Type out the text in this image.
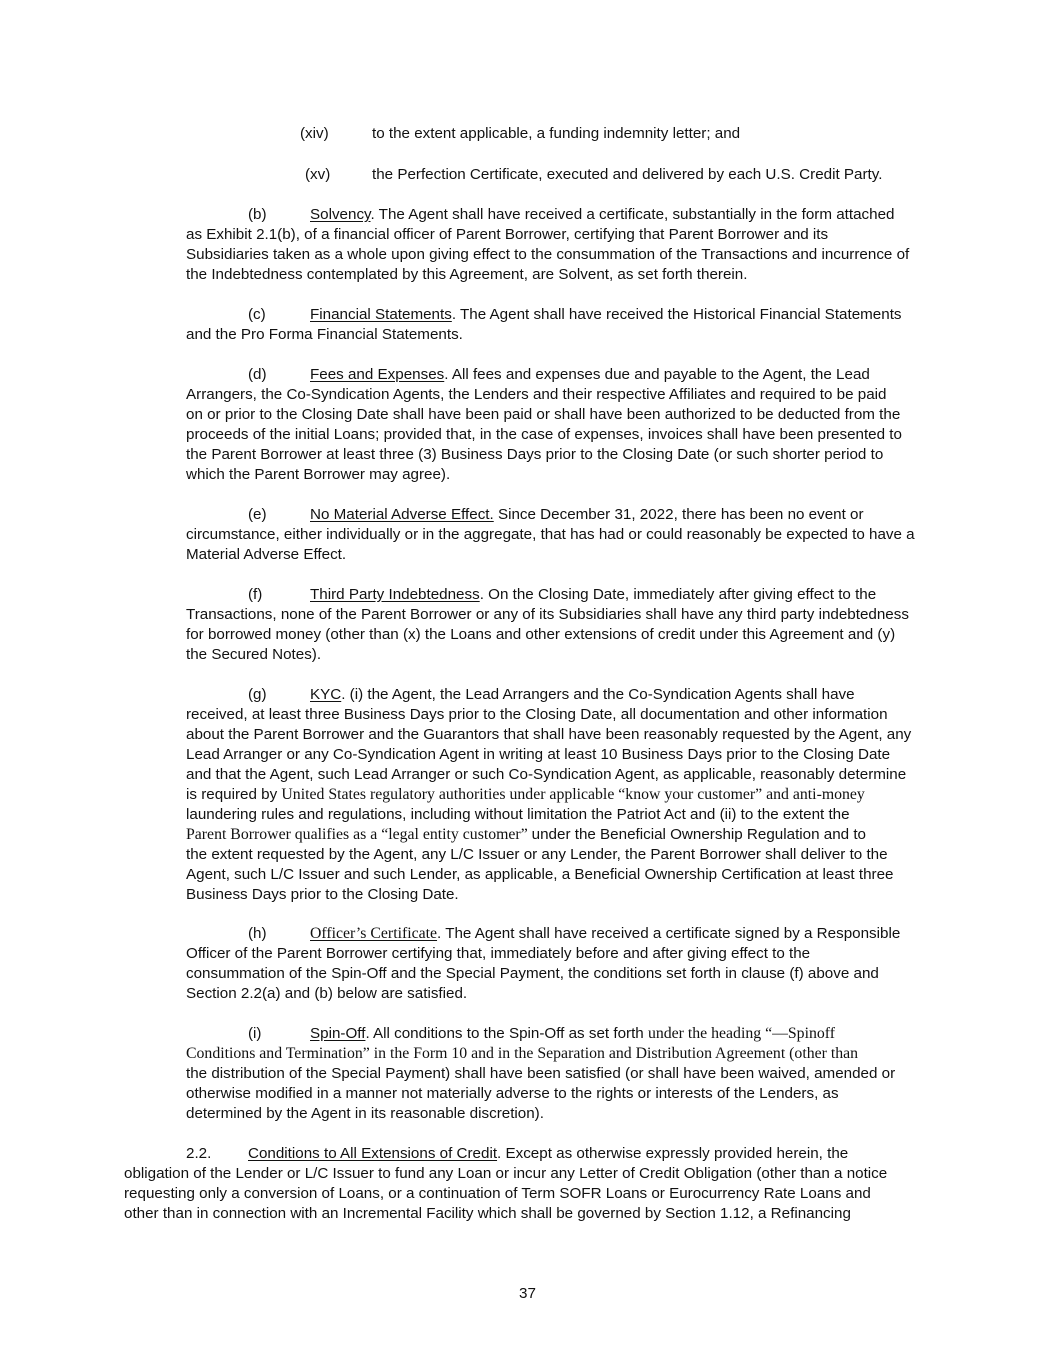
(xiv)	to the extent applicable, a funding indemnity letter; and
(xv)	the Perfection Certificate, executed and delivered by each U.S. Credit Party.
(b)	Solvency. The Agent shall have received a certificate, substantially in the form attached
as Exhibit 2.1(b), of a financial officer of Parent Borrower, certifying that Parent Borrower and its
Subsidiaries taken as a whole upon giving effect to the consummation of the Transactions and incurrence of
the Indebtedness contemplated by this Agreement, are Solvent, as set forth therein.
(c)	Financial Statements. The Agent shall have received the Historical Financial Statements
and the Pro Forma Financial Statements.
(d)	Fees and Expenses. All fees and expenses due and payable to the Agent, the Lead
Arrangers, the Co-Syndication Agents, the Lenders and their respective Affiliates and required to be paid
on or prior to the Closing Date shall have been paid or shall have been authorized to be deducted from the
proceeds of the initial Loans; provided that, in the case of expenses, invoices shall have been presented to
the Parent Borrower at least three (3) Business Days prior to the Closing Date (or such shorter period to
which the Parent Borrower may agree).
(e)	No Material Adverse Effect. Since December 31, 2022, there has been no event or
circumstance, either individually or in the aggregate, that has had or could reasonably be expected to have a
Material Adverse Effect.
(f)	Third Party Indebtedness. On the Closing Date, immediately after giving effect to the
Transactions, none of the Parent Borrower or any of its Subsidiaries shall have any third party indebtedness
for borrowed money (other than (x) the Loans and other extensions of credit under this Agreement and (y)
the Secured Notes).
(g)	KYC. (i) the Agent, the Lead Arrangers and the Co-Syndication Agents shall have
received, at least three Business Days prior to the Closing Date, all documentation and other information
about the Parent Borrower and the Guarantors that shall have been reasonably requested by the Agent, any
Lead Arranger or any Co-Syndication Agent in writing at least 10 Business Days prior to the Closing Date
and that the Agent, such Lead Arranger or such Co-Syndication Agent, as applicable, reasonably determine
is required by United States regulatory authorities under applicable “know your customer” and anti-money
laundering rules and regulations, including without limitation the Patriot Act and (ii) to the extent the
Parent Borrower qualifies as a “legal entity customer” under the Beneficial Ownership Regulation and to
the extent requested by the Agent, any L/C Issuer or any Lender, the Parent Borrower shall deliver to the
Agent, such L/C Issuer and such Lender, as applicable, a Beneficial Ownership Certification at least three
Business Days prior to the Closing Date.
(h)	Officer’s Certificate. The Agent shall have received a certificate signed by a Responsible
Officer of the Parent Borrower certifying that, immediately before and after giving effect to the
consummation of the Spin-Off and the Special Payment, the conditions set forth in clause (f) above and
Section 2.2(a) and (b) below are satisfied.
(i)	Spin-Off. All conditions to the Spin-Off as set forth under the heading “—Spinoff
Conditions and Termination” in the Form 10 and in the Separation and Distribution Agreement (other than
the distribution of the Special Payment) shall have been satisfied (or shall have been waived, amended or
otherwise modified in a manner not materially adverse to the rights or interests of the Lenders, as
determined by the Agent in its reasonable discretion).
2.2. Conditions to All Extensions of Credit. Except as otherwise expressly provided herein, the
obligation of the Lender or L/C Issuer to fund any Loan or incur any Letter of Credit Obligation (other than a notice
requesting only a conversion of Loans, or a continuation of Term SOFR Loans or Eurocurrency Rate Loans and
other than in connection with an Incremental Facility which shall be governed by Section 1.12, a Refinancing
37
